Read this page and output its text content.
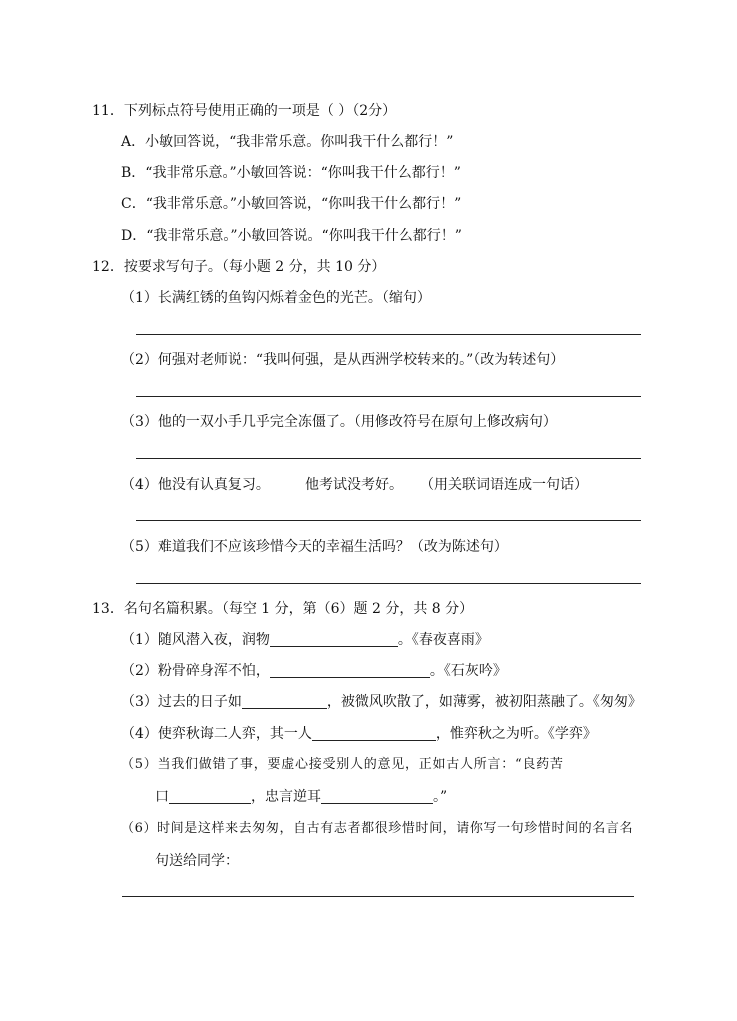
11．下列标点符号使用正确的一项是（ ）（2分）
A．小敏回答说，“我非常乐意。你叫我干什么都行！”
B．“我非常乐意。”小敏回答说：“你叫我干什么都行！”
C．“我非常乐意。”小敏回答说，“你叫我干什么都行！”
D．“我非常乐意。”小敏回答说。“你叫我干什么都行！”
12．按要求写句子。（每小题 2 分，共 10 分）
（1）长满红锈的鱼钩闪烁着金色的光芒。（缩句）
（2）何强对老师说：“我叫何强，是从西洲学校转来的。”（改为转述句）
（3）他的一双小手几乎完全冻僵了。（用修改符号在原句上修改病句）
（4）他没有认真复习。	他考试没考好。 （用关联词语连成一句话）
（5）难道我们不应该珍惜今天的幸福生活吗？（改为陈述句）
13．名句名篇积累。（每空 1 分，第（6）题 2 分，共 8 分）
（1）随风潜入夜，润物	。《春夜喜雨》
（2）粉骨碎身浑不怕，	。《石灰吟》
（3）过去的日子如	，被微风吹散了，如薄雾，被初阳蒸融了。《匆匆》
（4）使弈秋诲二人弈，其一人	，惟弈秋之为听。《学弈》
（5）当我们做错了事，要虚心接受别人的意见，正如古人所言：“良药苦
口	，忠言逆耳	。”
（6）时间是这样来去匆匆，自古有志者都很珍惜时间，请你写一句珍惜时间的名言名
句送给同学：
